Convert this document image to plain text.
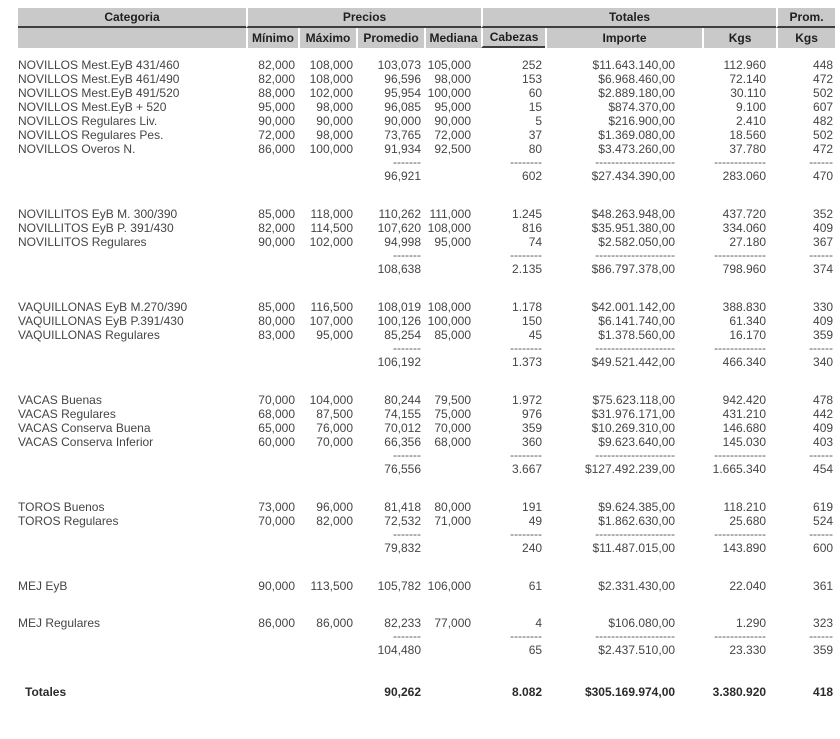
Categoria	Precios				Totales			Prom.
	Mínimo	Máximo	Promedio	Mediana	Cabezas	Importe	Kgs	Kgs

NOVILLOS Mest.EyB 431/460	82,000	108,000	103,073	105,000	252	$11.643.140,00	112.960	448
NOVILLOS Mest.EyB 461/490	82,000	108,000	96,596	98,000	153	$6.968.460,00	72.140	472
NOVILLOS Mest.EyB 491/520	88,000	102,000	95,954	100,000	60	$2.889.180,00	30.110	502
NOVILLOS Mest.EyB + 520	95,000	98,000	96,085	95,000	15	$874.370,00	9.100	607
NOVILLOS Regulares Liv.	90,000	90,000	90,000	90,000	5	$216.900,00	2.410	482
NOVILLOS Regulares Pes.	72,000	98,000	73,765	72,000	37	$1.369.080,00	18.560	502
NOVILLOS Overos N.	86,000	100,000	91,934	92,500	80	$3.473.260,00	37.780	472
			-------		--------	--------------------	-------------	------
			96,921		602	$27.434.390,00	283.060	470

NOVILLITOS EyB M. 300/390	85,000	118,000	110,262	111,000	1.245	$48.263.948,00	437.720	352
NOVILLITOS EyB P. 391/430	82,000	114,500	107,620	108,000	816	$35.951.380,00	334.060	409
NOVILLITOS Regulares	90,000	102,000	94,998	95,000	74	$2.582.050,00	27.180	367
			-------		--------	--------------------	-------------	------
			108,638		2.135	$86.797.378,00	798.960	374

VAQUILLONAS EyB M.270/390	85,000	116,500	108,019	108,000	1.178	$42.001.142,00	388.830	330
VAQUILLONAS EyB P.391/430	80,000	107,000	100,126	100,000	150	$6.141.740,00	61.340	409
VAQUILLONAS Regulares	83,000	95,000	85,254	85,000	45	$1.378.560,00	16.170	359
			-------		--------	--------------------	-------------	------
			106,192		1.373	$49.521.442,00	466.340	340

VACAS Buenas	70,000	104,000	80,244	79,500	1.972	$75.623.118,00	942.420	478
VACAS Regulares	68,000	87,500	74,155	75,000	976	$31.976.171,00	431.210	442
VACAS Conserva Buena	65,000	76,000	70,012	70,000	359	$10.269.310,00	146.680	409
VACAS Conserva Inferior	60,000	70,000	66,356	68,000	360	$9.623.640,00	145.030	403
			-------		--------	--------------------	-------------	------
			76,556		3.667	$127.492.239,00	1.665.340	454

TOROS Buenos	73,000	96,000	81,418	80,000	191	$9.624.385,00	118.210	619
TOROS Regulares	70,000	82,000	72,532	71,000	49	$1.862.630,00	25.680	524
			-------		--------	--------------------	-------------	------
			79,832		240	$11.487.015,00	143.890	600

MEJ EyB	90,000	113,500	105,782	106,000	61	$2.331.430,00	22.040	361

MEJ Regulares	86,000	86,000	82,233	77,000	4	$106.080,00	1.290	323
			-------		--------	--------------------	-------------	------
			104,480		65	$2.437.510,00	23.330	359

Totales			90,262		8.082	$305.169.974,00	3.380.920	418
